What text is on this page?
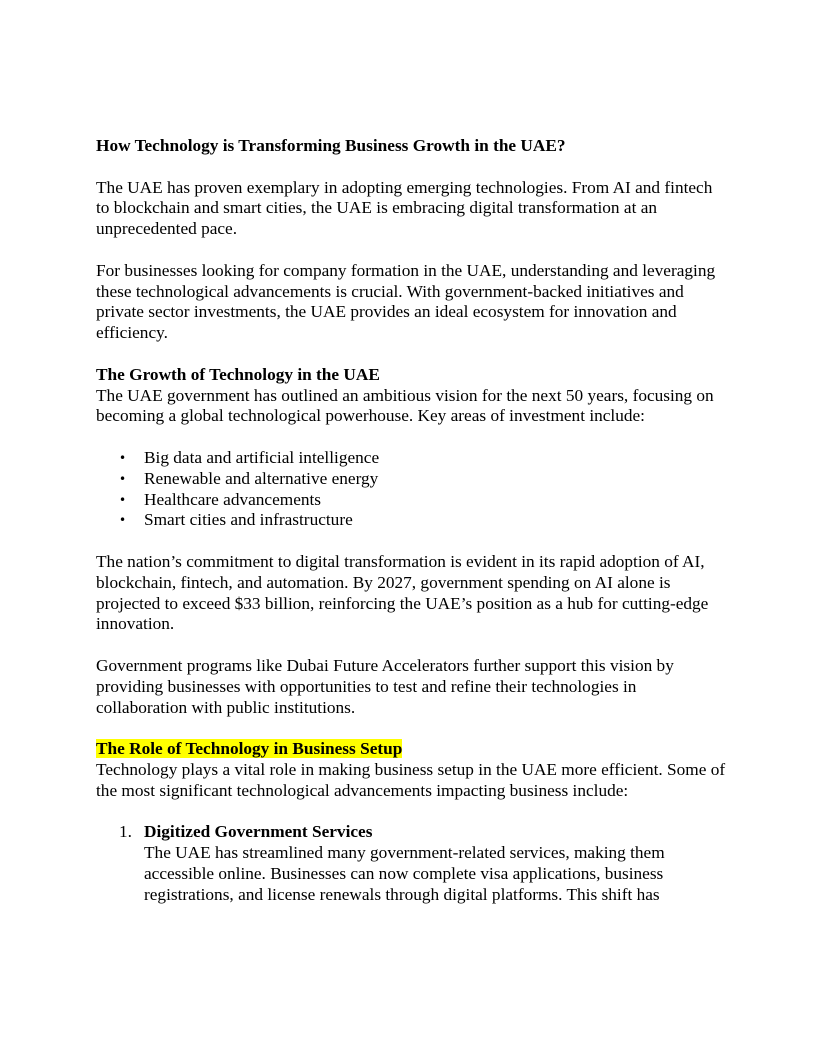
How Technology is Transforming Business Growth in the UAE?

The UAE has proven exemplary in adopting emerging technologies. From AI and fintech to blockchain and smart cities, the UAE is embracing digital transformation at an unprecedented pace.

For businesses looking for company formation in the UAE, understanding and leveraging these technological advancements is crucial. With government-backed initiatives and private sector investments, the UAE provides an ideal ecosystem for innovation and efficiency.

The Growth of Technology in the UAE

The UAE government has outlined an ambitious vision for the next 50 years, focusing on becoming a global technological powerhouse. Key areas of investment include:

• Big data and artificial intelligence
• Renewable and alternative energy
• Healthcare advancements
• Smart cities and infrastructure

The nation’s commitment to digital transformation is evident in its rapid adoption of AI, blockchain, fintech, and automation. By 2027, government spending on AI alone is projected to exceed $33 billion, reinforcing the UAE’s position as a hub for cutting-edge innovation.

Government programs like Dubai Future Accelerators further support this vision by providing businesses with opportunities to test and refine their technologies in collaboration with public institutions.

The Role of Technology in Business Setup

Technology plays a vital role in making business setup in the UAE more efficient. Some of the most significant technological advancements impacting business include:

1. Digitized Government Services
The UAE has streamlined many government-related services, making them accessible online. Businesses can now complete visa applications, business registrations, and license renewals through digital platforms. This shift has
